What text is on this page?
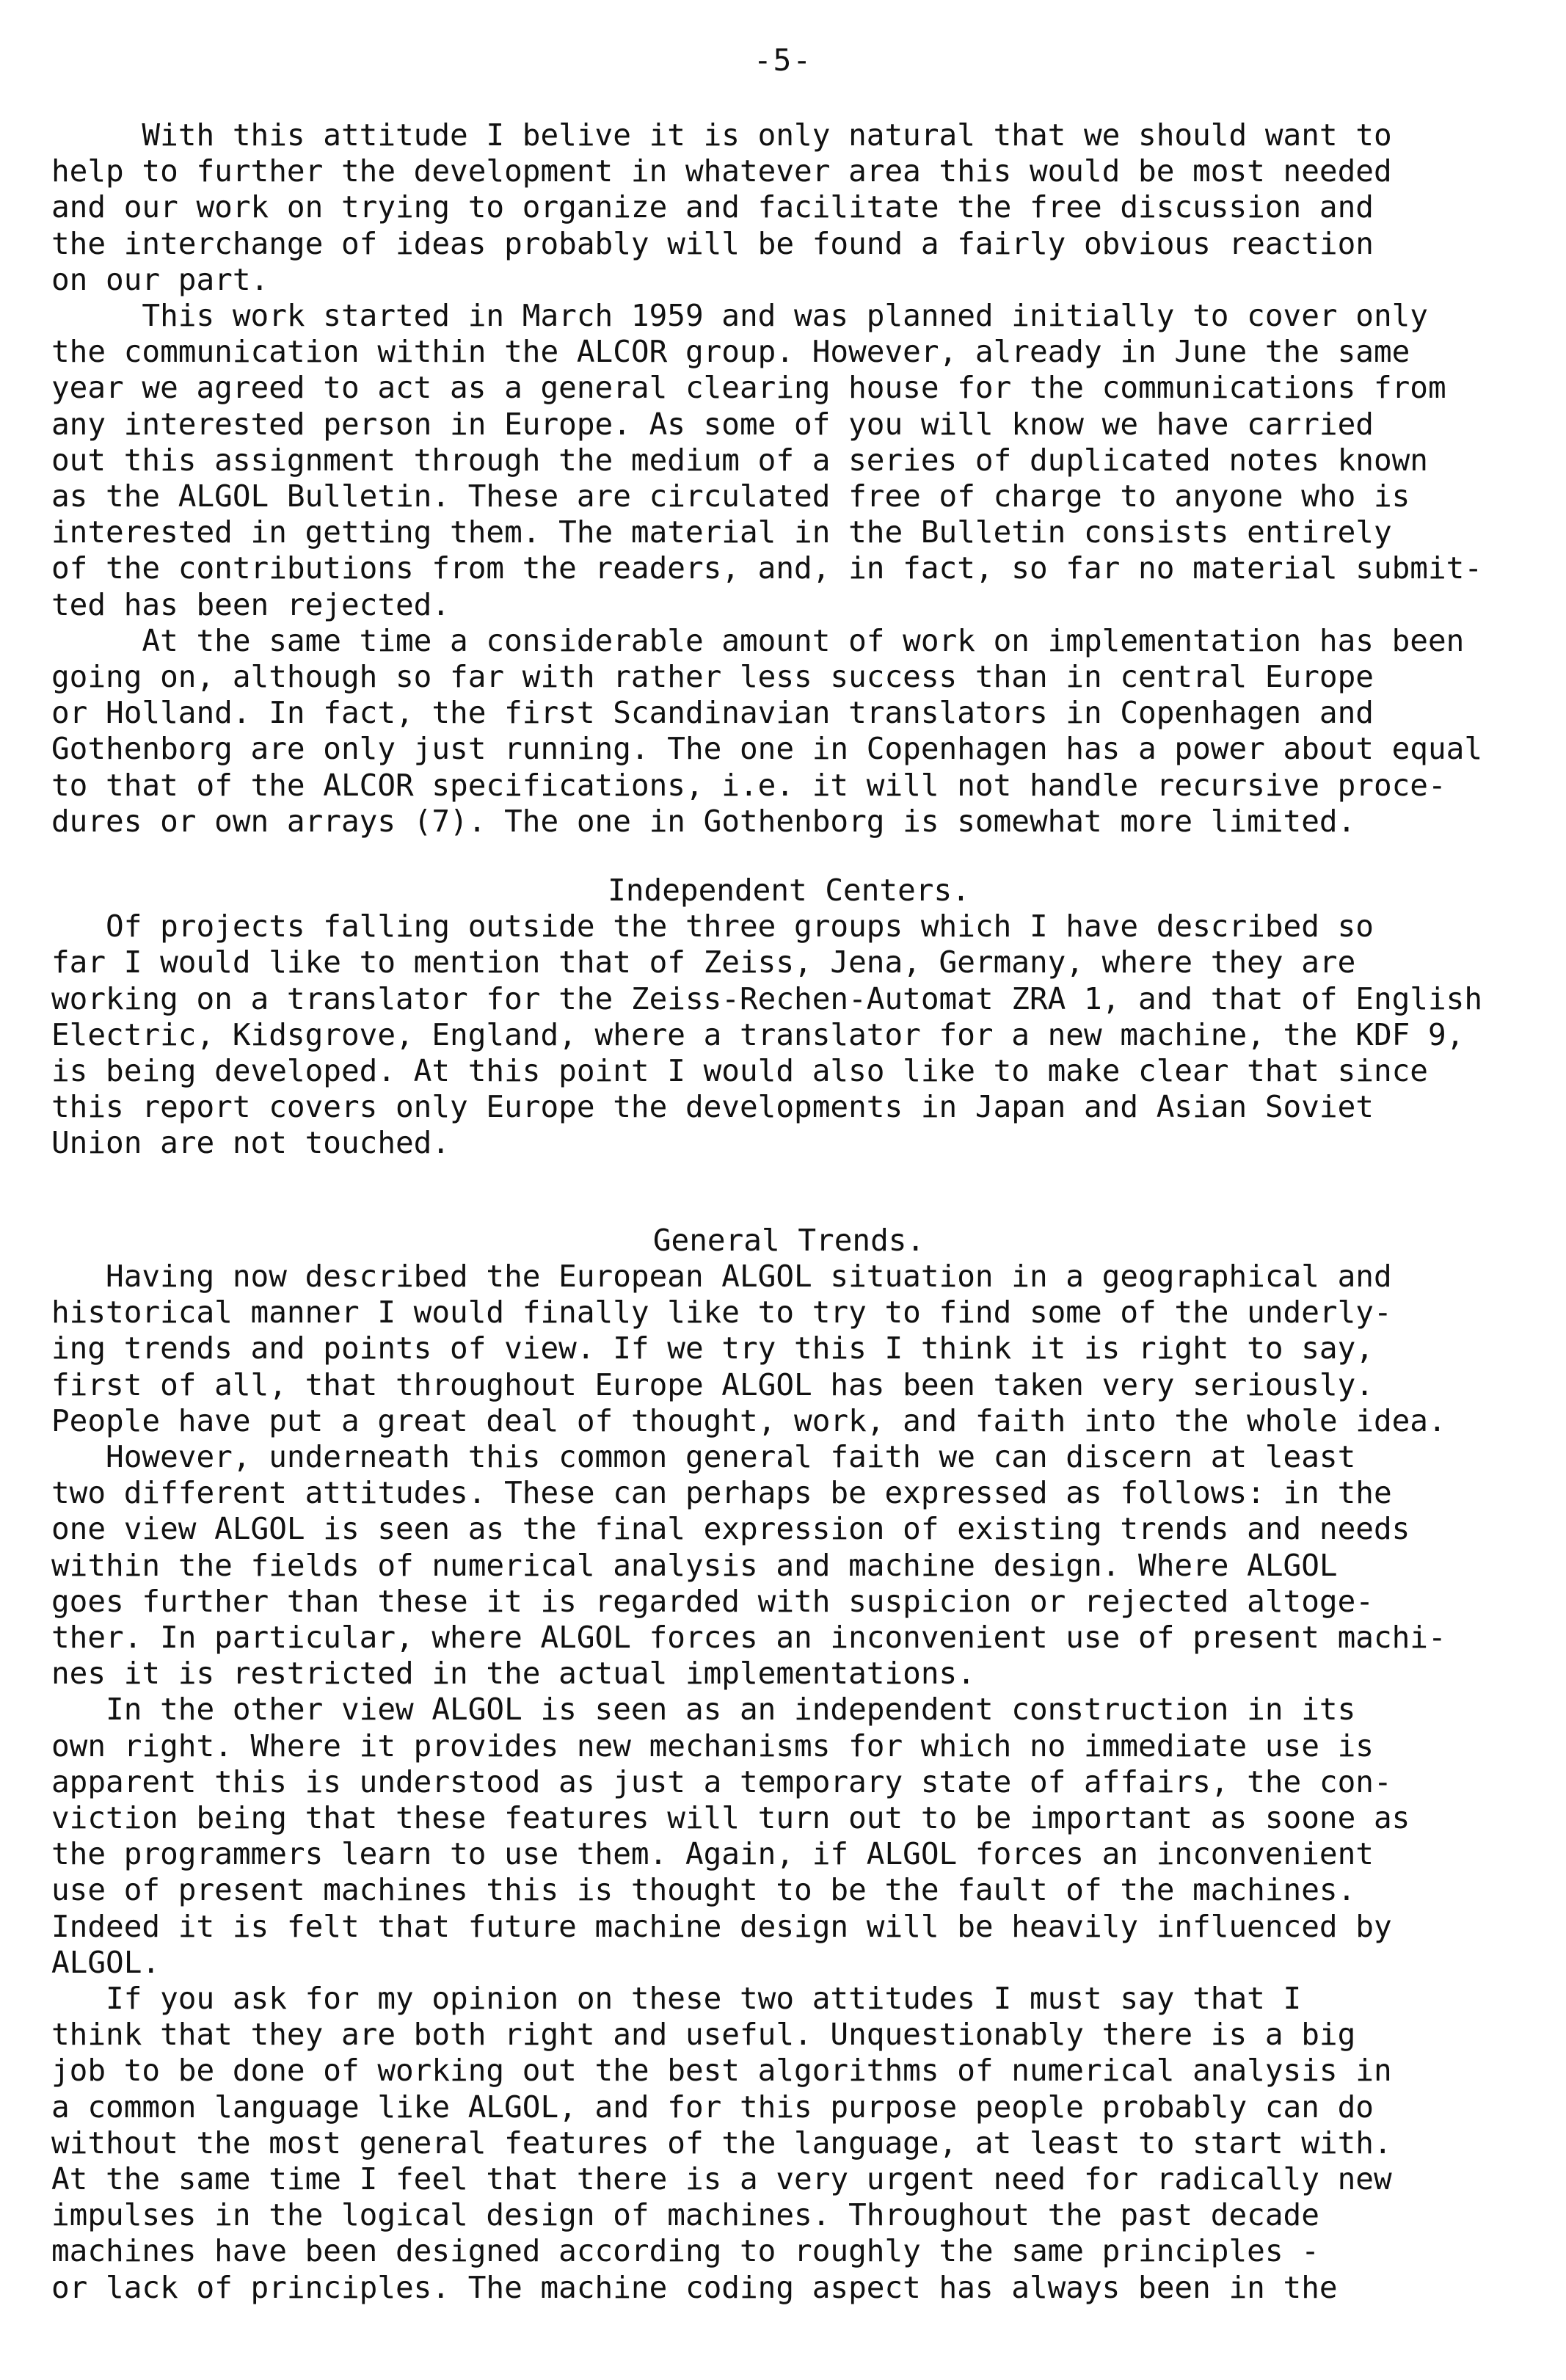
-5-

With this attitude I belive it is only natural that we should want to
help to further the development in whatever area this would be most needed
and our work on trying to organize and facilitate the free discussion and
the interchange of ideas probably will be found a fairly obvious reaction
on our part.

This work started in March 1959 and was planned initially to cover only
the communication within the ALCOR group. However, already in June the same
year we agreed to act as a general clearing house for the communications from
any interested person in Europe. As some of you will know we have carried
out this assignment through the medium of a series of duplicated notes known
as the ALGOL Bulletin. These are circulated free of charge to anyone who is
interested in getting them. The material in the Bulletin consists entirely
of the contributions from the readers, and, in fact, so far no material submit-
ted has been rejected.

At the same time a considerable amount of work on implementation has been
going on, although so far with rather less success than in central Europe
or Holland. In fact, the first Scandinavian translators in Copenhagen and
Gothenborg are only just running. The one in Copenhagen has a power about equal
to that of the ALCOR specifications, i.e. it will not handle recursive proce-
dures or own arrays (7). The one in Gothenborg is somewhat more limited.

Independent Centers.

Of projects falling outside the three groups which I have described so
far I would like to mention that of Zeiss, Jena, Germany, where they are
working on a translator for the Zeiss-Rechen-Automat ZRA 1, and that of English
Electric, Kidsgrove, England, where a translator for a new machine, the KDF 9,
is being developed. At this point I would also like to make clear that since
this report covers only Europe the developments in Japan and Asian Soviet
Union are not touched.

General Trends.

Having now described the European ALGOL situation in a geographical and
historical manner I would finally like to try to find some of the underly-
ing trends and points of view. If we try this I think it is right to say,
first of all, that throughout Europe ALGOL has been taken very seriously.
People have put a great deal of thought, work, and faith into the whole idea.

However, underneath this common general faith we can discern at least
two different attitudes. These can perhaps be expressed as follows: in the
one view ALGOL is seen as the final expression of existing trends and needs
within the fields of numerical analysis and machine design. Where ALGOL
goes further than these it is regarded with suspicion or rejected altoge-
ther. In particular, where ALGOL forces an inconvenient use of present machi-
nes it is restricted in the actual implementations.

In the other view ALGOL is seen as an independent construction in its
own right. Where it provides new mechanisms for which no immediate use is
apparent this is understood as just a temporary state of affairs, the con-
viction being that these features will turn out to be important as soone as
the programmers learn to use them. Again, if ALGOL forces an inconvenient
use of present machines this is thought to be the fault of the machines.
Indeed it is felt that future machine design will be heavily influenced by
ALGOL.

If you ask for my opinion on these two attitudes I must say that I
think that they are both right and useful. Unquestionably there is a big
job to be done of working out the best algorithms of numerical analysis in
a common language like ALGOL, and for this purpose people probably can do
without the most general features of the language, at least to start with.
At the same time I feel that there is a very urgent need for radically new
impulses in the logical design of machines. Throughout the past decade
machines have been designed according to roughly the same principles -
or lack of principles. The machine coding aspect has always been in the
